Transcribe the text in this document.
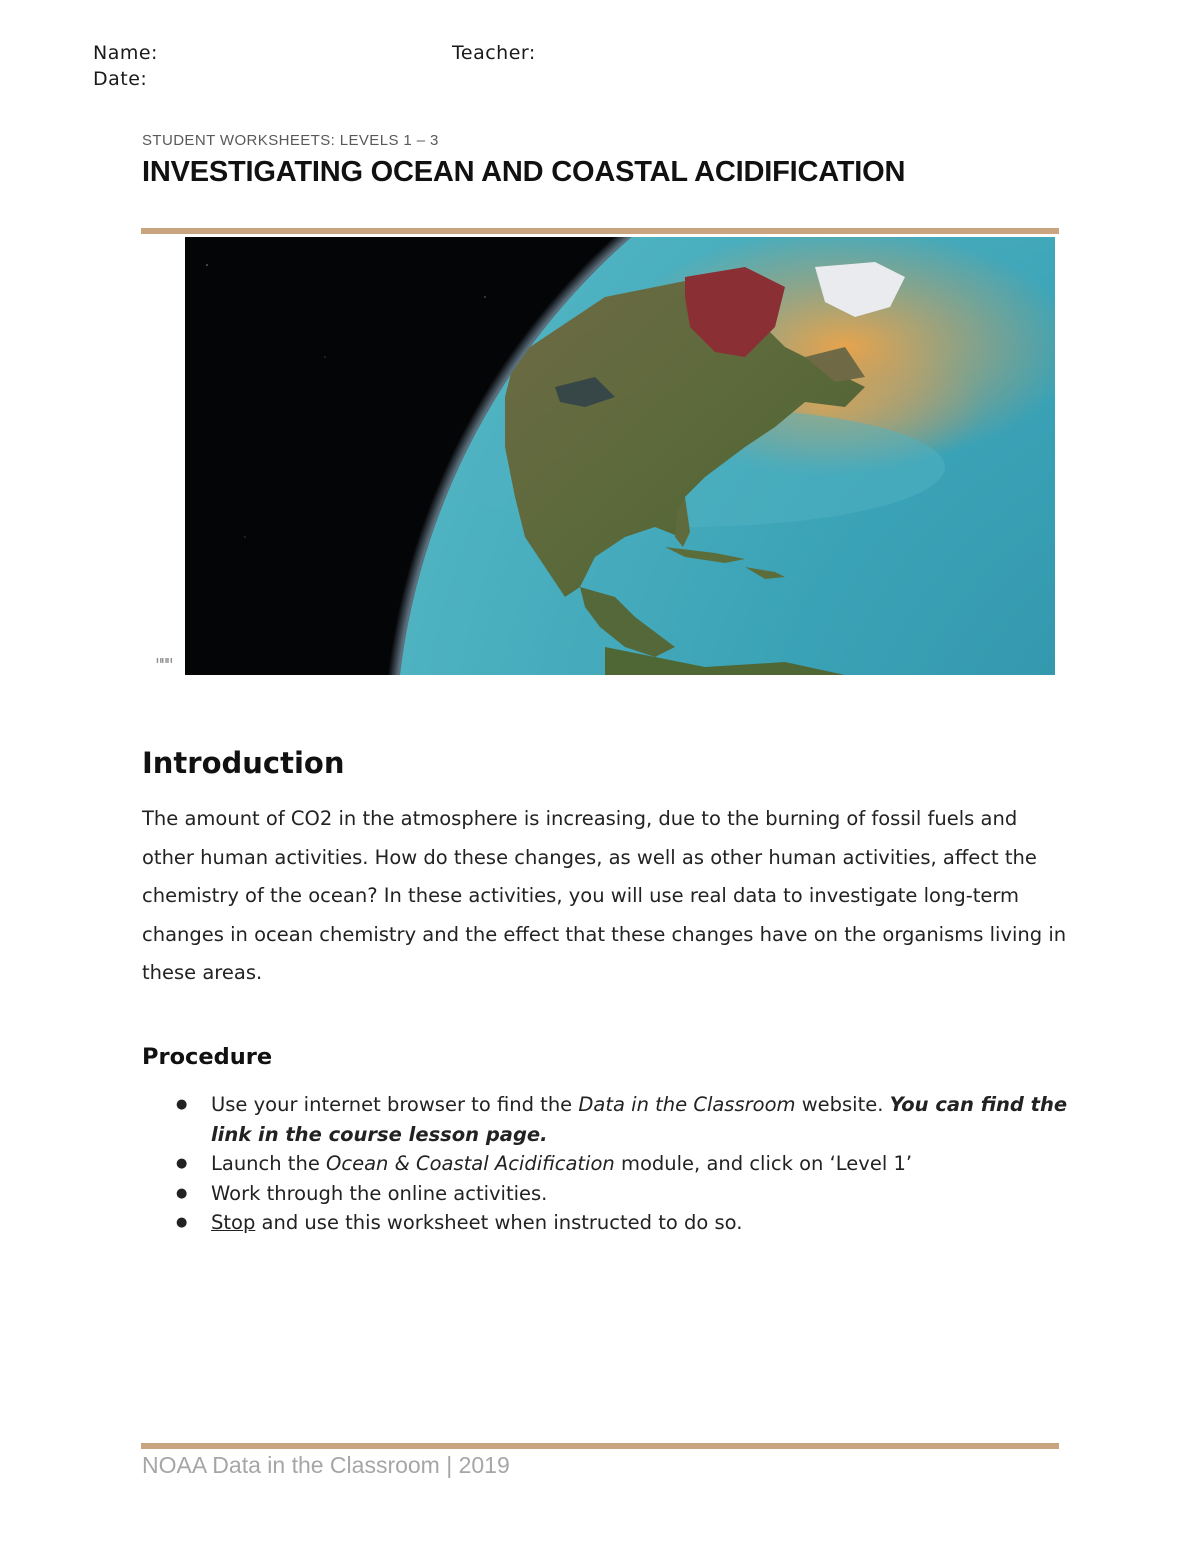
Name:	Teacher:
Date:
STUDENT WORKSHEETS: LEVELS 1 – 3
INVESTIGATING OCEAN AND COASTAL ACIDIFICATION
"""
Introduction
The amount of CO2 in the atmosphere is increasing, due to the burning of fossil fuels and other human activities. How do these changes, as well as other human activities, affect the chemistry of the ocean? In these activities, you will use real data to investigate long-term changes in ocean chemistry and the effect that these changes have on the organisms living in these areas.
Procedure
● Use your internet browser to find the Data in the Classroom website. You can find the link in the course lesson page.
● Launch the Ocean & Coastal Acidification module, and click on ‘Level 1’
● Work through the online activities.
● Stop and use this worksheet when instructed to do so.
NOAA Data in the Classroom | 2019
